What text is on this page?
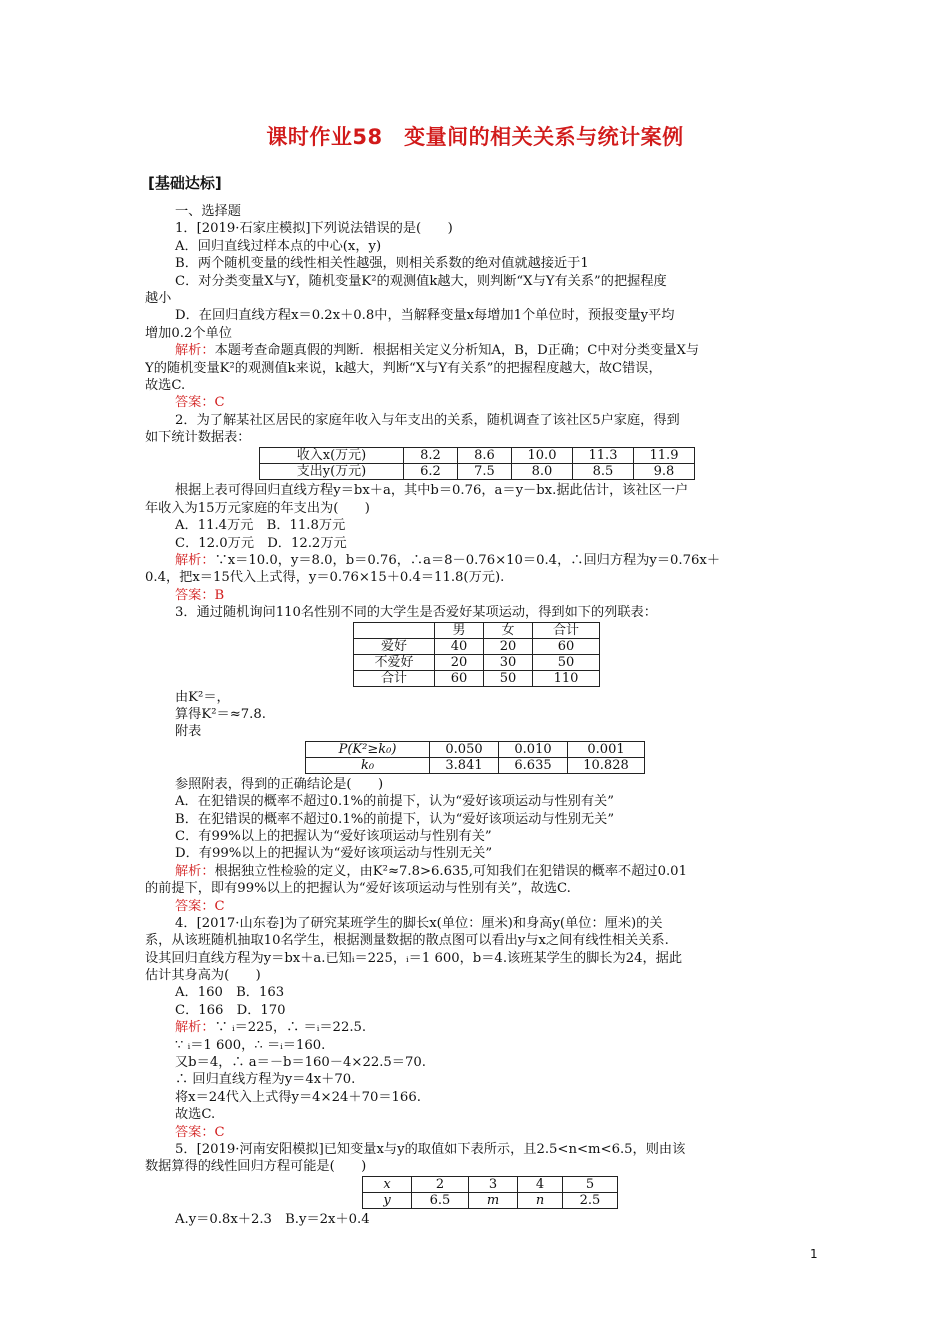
课时作业58　变量间的相关关系与统计案例
[基础达标]
一、选择题
1．[2019·石家庄模拟]下列说法错误的是(　　)
A．回归直线过样本点的中心(x，y)
B．两个随机变量的线性相关性越强，则相关系数的绝对值就越接近于1
C．对分类变量X与Y，随机变量K²的观测值k越大，则判断“X与Y有关系”的把握程度
越小
D．在回归直线方程x＝0.2x＋0.8中，当解释变量x每增加1个单位时，预报变量y平均
增加0.2个单位
解析：本题考查命题真假的判断．根据相关定义分析知A，B，D正确；C中对分类变量X与
Y的随机变量K²的观测值k来说，k越大，判断“X与Y有关系”的把握程度越大，故C错误，
故选C.
答案：C
2．为了解某社区居民的家庭年收入与年支出的关系，随机调查了该社区5户家庭，得到
如下统计数据表：
收入x(万元)	8.2	8.6	10.0	11.3	11.9
支出y(万元)	6.2	7.5	8.0	8.5	9.8
根据上表可得回归直线方程y＝bx＋a，其中b＝0.76，a＝y－bx.据此估计，该社区一户
年收入为15万元家庭的年支出为(　　)
A．11.4万元　B．11.8万元
C．12.0万元　D．12.2万元
解析：∵x＝10.0，y＝8.0，b＝0.76，∴a＝8－0.76×10＝0.4，∴回归方程为y＝0.76x＋
0.4，把x＝15代入上式得，y＝0.76×15＋0.4＝11.8(万元).
答案：B
3．通过随机询问110名性别不同的大学生是否爱好某项运动，得到如下的列联表：
	男	女	合计
爱好	40	20	60
不爱好	20	30	50
合计	60	50	110
由K²＝，
算得K²＝≈7.8.
附表
P(K²≥k₀)	0.050	0.010	0.001
k₀	3.841	6.635	10.828
参照附表，得到的正确结论是(　　)
A．在犯错误的概率不超过0.1%的前提下，认为“爱好该项运动与性别有关”
B．在犯错误的概率不超过0.1%的前提下，认为“爱好该项运动与性别无关”
C．有99%以上的把握认为“爱好该项运动与性别有关”
D．有99%以上的把握认为“爱好该项运动与性别无关”
解析：根据独立性检验的定义，由K²≈7.8>6.635,可知我们在犯错误的概率不超过0.01
的前提下，即有99%以上的把握认为“爱好该项运动与性别有关”，故选C.
答案：C
4．[2017·山东卷]为了研究某班学生的脚长x(单位：厘米)和身高y(单位：厘米)的关
系，从该班随机抽取10名学生，根据测量数据的散点图可以看出y与x之间有线性相关关系.
设其回归直线方程为y＝bx＋a.已知ᵢ＝225，ᵢ＝1 600，b＝4.该班某学生的脚长为24，据此
估计其身高为(　　)
A．160　B．163
C．166　D．170
解析：∵ ᵢ＝225，∴ ＝ᵢ＝22.5.
∵ ᵢ＝1 600，∴ ＝ᵢ＝160.
又b＝4，∴ a＝－b＝160－4×22.5＝70.
∴ 回归直线方程为y＝4x＋70.
将x＝24代入上式得y＝4×24＋70＝166.
故选C.
答案：C
5．[2019·河南安阳模拟]已知变量x与y的取值如下表所示，且2.5<n<m<6.5，则由该
数据算得的线性回归方程可能是(　　)
x	2	3	4	5
y	6.5	m	n	2.5
A.y＝0.8x＋2.3　B.y＝2x＋0.4
1
